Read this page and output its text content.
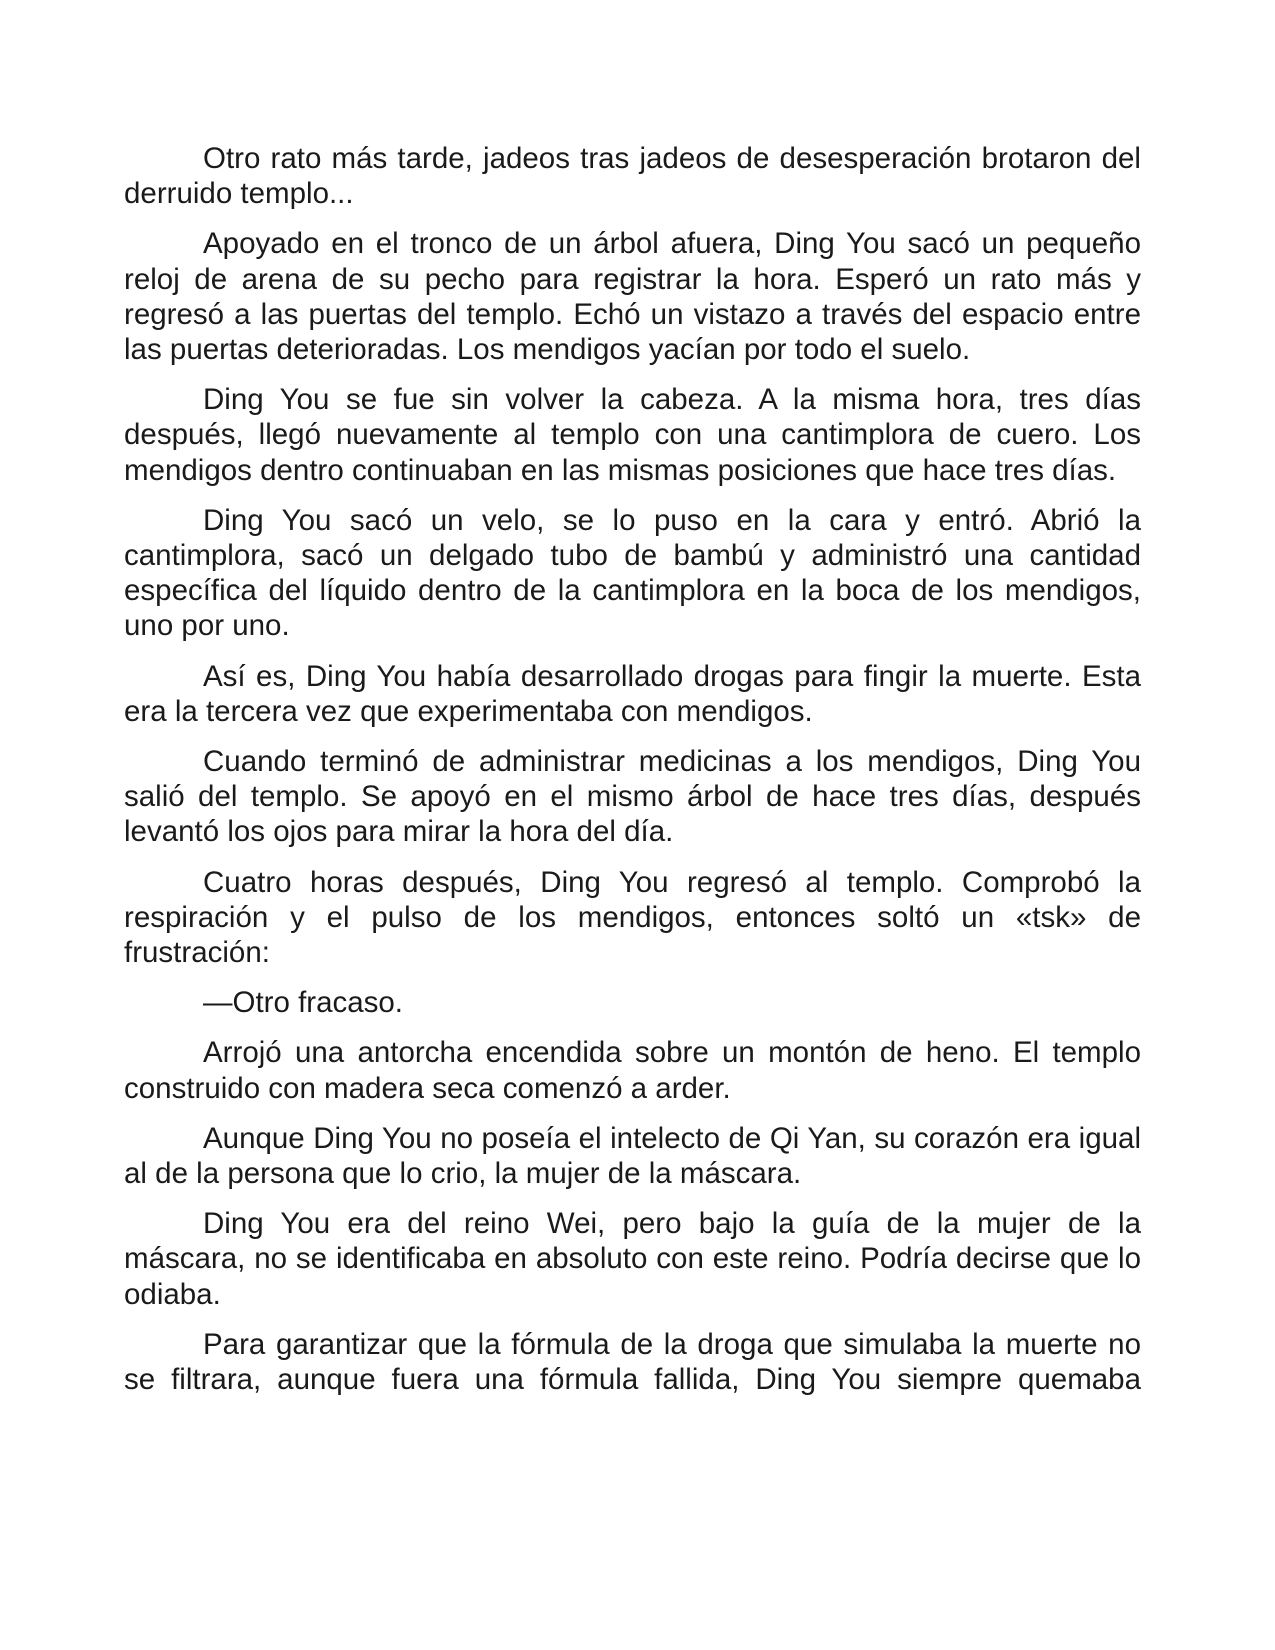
Otro rato más tarde, jadeos tras jadeos de desesperación brotaron del derruido templo...

Apoyado en el tronco de un árbol afuera, Ding You sacó un pequeño reloj de arena de su pecho para registrar la hora. Esperó un rato más y regresó a las puertas del templo. Echó un vistazo a través del espacio entre las puertas deterioradas. Los mendigos yacían por todo el suelo.

Ding You se fue sin volver la cabeza. A la misma hora, tres días después, llegó nuevamente al templo con una cantimplora de cuero. Los mendigos dentro continuaban en las mismas posiciones que hace tres días.

Ding You sacó un velo, se lo puso en la cara y entró. Abrió la cantimplora, sacó un delgado tubo de bambú y administró una cantidad específica del líquido dentro de la cantimplora en la boca de los mendigos, uno por uno.

Así es, Ding You había desarrollado drogas para fingir la muerte. Esta era la tercera vez que experimentaba con mendigos.

Cuando terminó de administrar medicinas a los mendigos, Ding You salió del templo. Se apoyó en el mismo árbol de hace tres días, después levantó los ojos para mirar la hora del día.

Cuatro horas después, Ding You regresó al templo. Comprobó la respiración y el pulso de los mendigos, entonces soltó un «tsk» de frustración:

—Otro fracaso.

Arrojó una antorcha encendida sobre un montón de heno. El templo construido con madera seca comenzó a arder.

Aunque Ding You no poseía el intelecto de Qi Yan, su corazón era igual al de la persona que lo crio, la mujer de la máscara.

Ding You era del reino Wei, pero bajo la guía de la mujer de la máscara, no se identificaba en absoluto con este reino. Podría decirse que lo odiaba.

Para garantizar que la fórmula de la droga que simulaba la muerte no se filtrara, aunque fuera una fórmula fallida, Ding You siempre quemaba
